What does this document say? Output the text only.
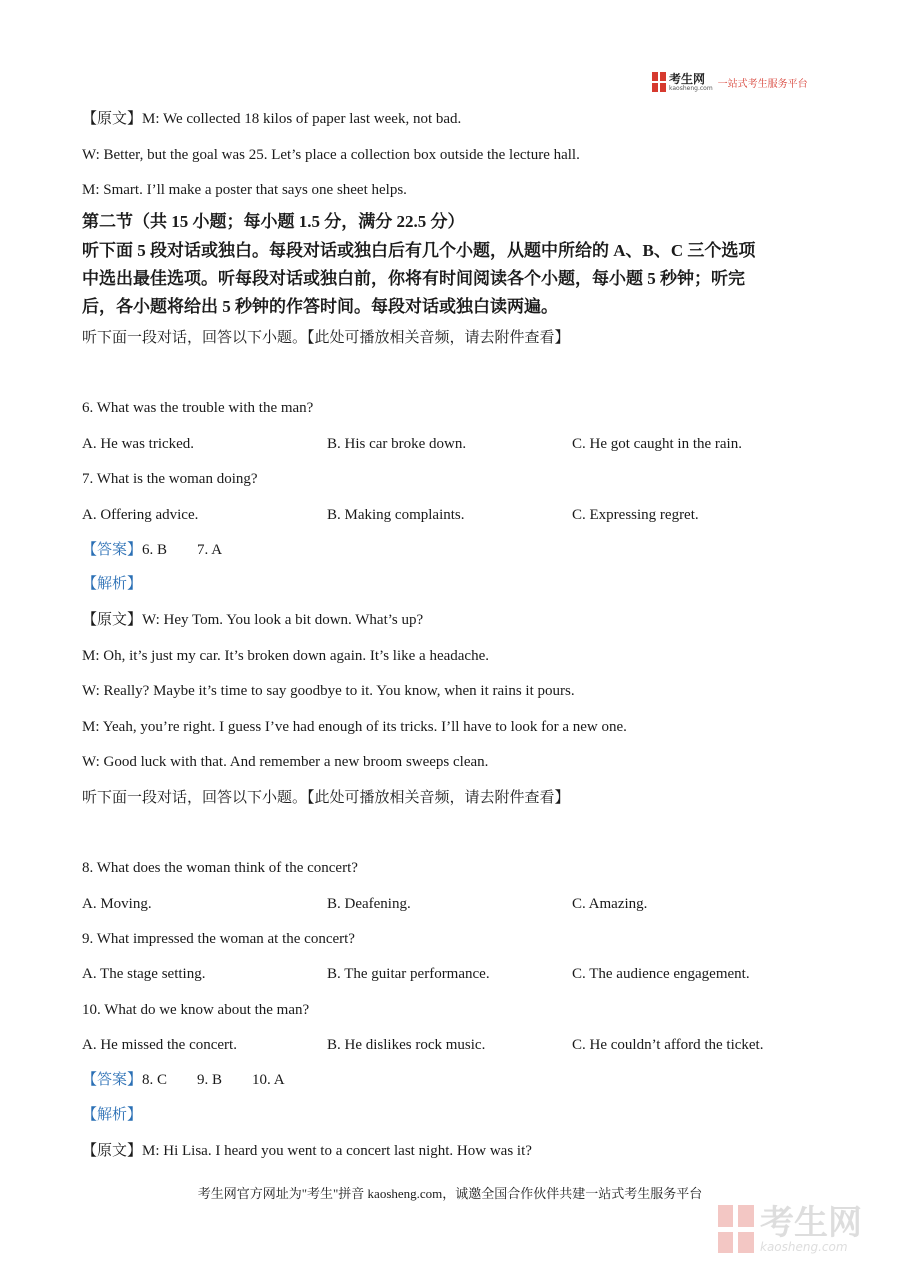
考生网
kaosheng.com 一站式考生服务平台
【原文】M: We collected 18 kilos of paper last week, not bad.
W: Better, but the goal was 25. Let’s place a collection box outside the lecture hall.
M: Smart. I’ll make a poster that says one sheet helps.
第二节（共 15 小题；每小题 1.5 分，满分 22.5 分）
听下面 5 段对话或独白。每段对话或独白后有几个小题，从题中所给的 A、B、C 三个选项
中选出最佳选项。听每段对话或独白前，你将有时间阅读各个小题，每小题 5 秒钟；听完
后，各小题将给出 5 秒钟的作答时间。每段对话或独白读两遍。
听下面一段对话，回答以下小题。【此处可播放相关音频，请去附件查看】
6. What was the trouble with the man?
A. He was tricked.	B. His car broke down.	C. He got caught in the rain.
7. What is the woman doing?
A. Offering advice.	B. Making complaints.	C. Expressing regret.
【答案】6. B        7. A
【解析】
【原文】W: Hey Tom. You look a bit down. What’s up?
M: Oh, it’s just my car. It’s broken down again. It’s like a headache.
W: Really? Maybe it’s time to say goodbye to it. You know, when it rains it pours.
M: Yeah, you’re right. I guess I’ve had enough of its tricks. I’ll have to look for a new one.
W: Good luck with that. And remember a new broom sweeps clean.
听下面一段对话，回答以下小题。【此处可播放相关音频，请去附件查看】
8. What does the woman think of the concert?
A. Moving.	B. Deafening.	C. Amazing.
9. What impressed the woman at the concert?
A. The stage setting.	B. The guitar performance.	C. The audience engagement.
10. What do we know about the man?
A. He missed the concert.	B. He dislikes rock music.	C. He couldn’t afford the ticket.
【答案】8. C        9. B        10. A
【解析】
【原文】M: Hi Lisa. I heard you went to a concert last night. How was it?
考生网官方网址为"考生"拼音 kaosheng.com，诚邀全国合作伙伴共建一站式考生服务平台
考生网
kaosheng.com
